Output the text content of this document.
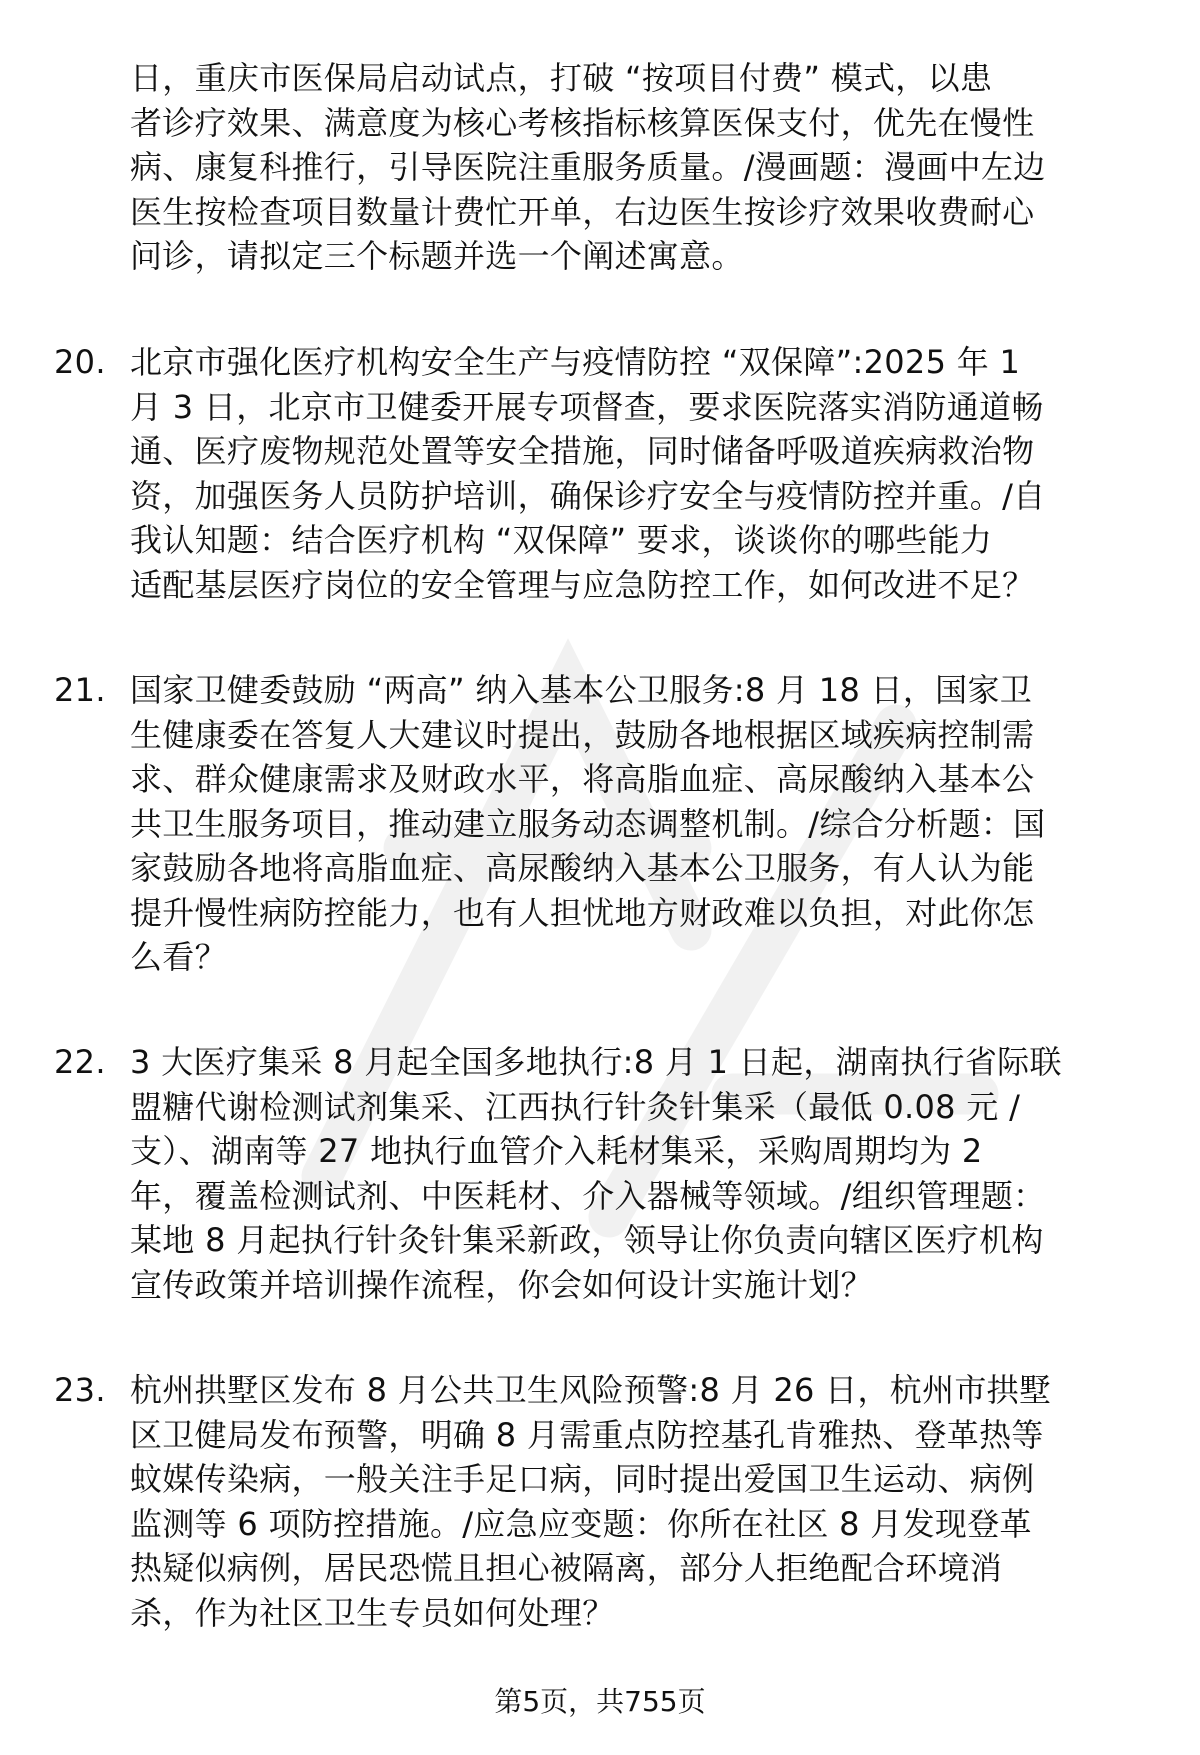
日，重庆市医保局启动试点，打破 “按项目付费” 模式，以患
者诊疗效果、满意度为核心考核指标核算医保支付，优先在慢性
病、康复科推行，引导医院注重服务质量。/漫画题：漫画中左边
医生按检查项目数量计费忙开单，右边医生按诊疗效果收费耐心
问诊，请拟定三个标题并选一个阐述寓意。
20. 北京市强化医疗机构安全生产与疫情防控 “双保障”:2025 年 1
月 3 日，北京市卫健委开展专项督查，要求医院落实消防通道畅
通、医疗废物规范处置等安全措施，同时储备呼吸道疾病救治物
资，加强医务人员防护培训，确保诊疗安全与疫情防控并重。/自
我认知题：结合医疗机构 “双保障” 要求，谈谈你的哪些能力
适配基层医疗岗位的安全管理与应急防控工作，如何改进不足？
21. 国家卫健委鼓励 “两高” 纳入基本公卫服务:8 月 18 日，国家卫
生健康委在答复人大建议时提出，鼓励各地根据区域疾病控制需
求、群众健康需求及财政水平，将高脂血症、高尿酸纳入基本公
共卫生服务项目，推动建立服务动态调整机制。/综合分析题：国
家鼓励各地将高脂血症、高尿酸纳入基本公卫服务，有人认为能
提升慢性病防控能力，也有人担忧地方财政难以负担，对此你怎
么看？
22. 3 大医疗集采 8 月起全国多地执行:8 月 1 日起，湖南执行省际联
盟糖代谢检测试剂集采、江西执行针灸针集采（最低 0.08 元 /
支）、湖南等 27 地执行血管介入耗材集采，采购周期均为 2
年，覆盖检测试剂、中医耗材、介入器械等领域。/组织管理题：
某地 8 月起执行针灸针集采新政，领导让你负责向辖区医疗机构
宣传政策并培训操作流程，你会如何设计实施计划？
23. 杭州拱墅区发布 8 月公共卫生风险预警:8 月 26 日，杭州市拱墅
区卫健局发布预警，明确 8 月需重点防控基孔肯雅热、登革热等
蚊媒传染病，一般关注手足口病，同时提出爱国卫生运动、病例
监测等 6 项防控措施。/应急应变题：你所在社区 8 月发现登革
热疑似病例，居民恐慌且担心被隔离，部分人拒绝配合环境消
杀，作为社区卫生专员如何处理？
第5页，共755页
